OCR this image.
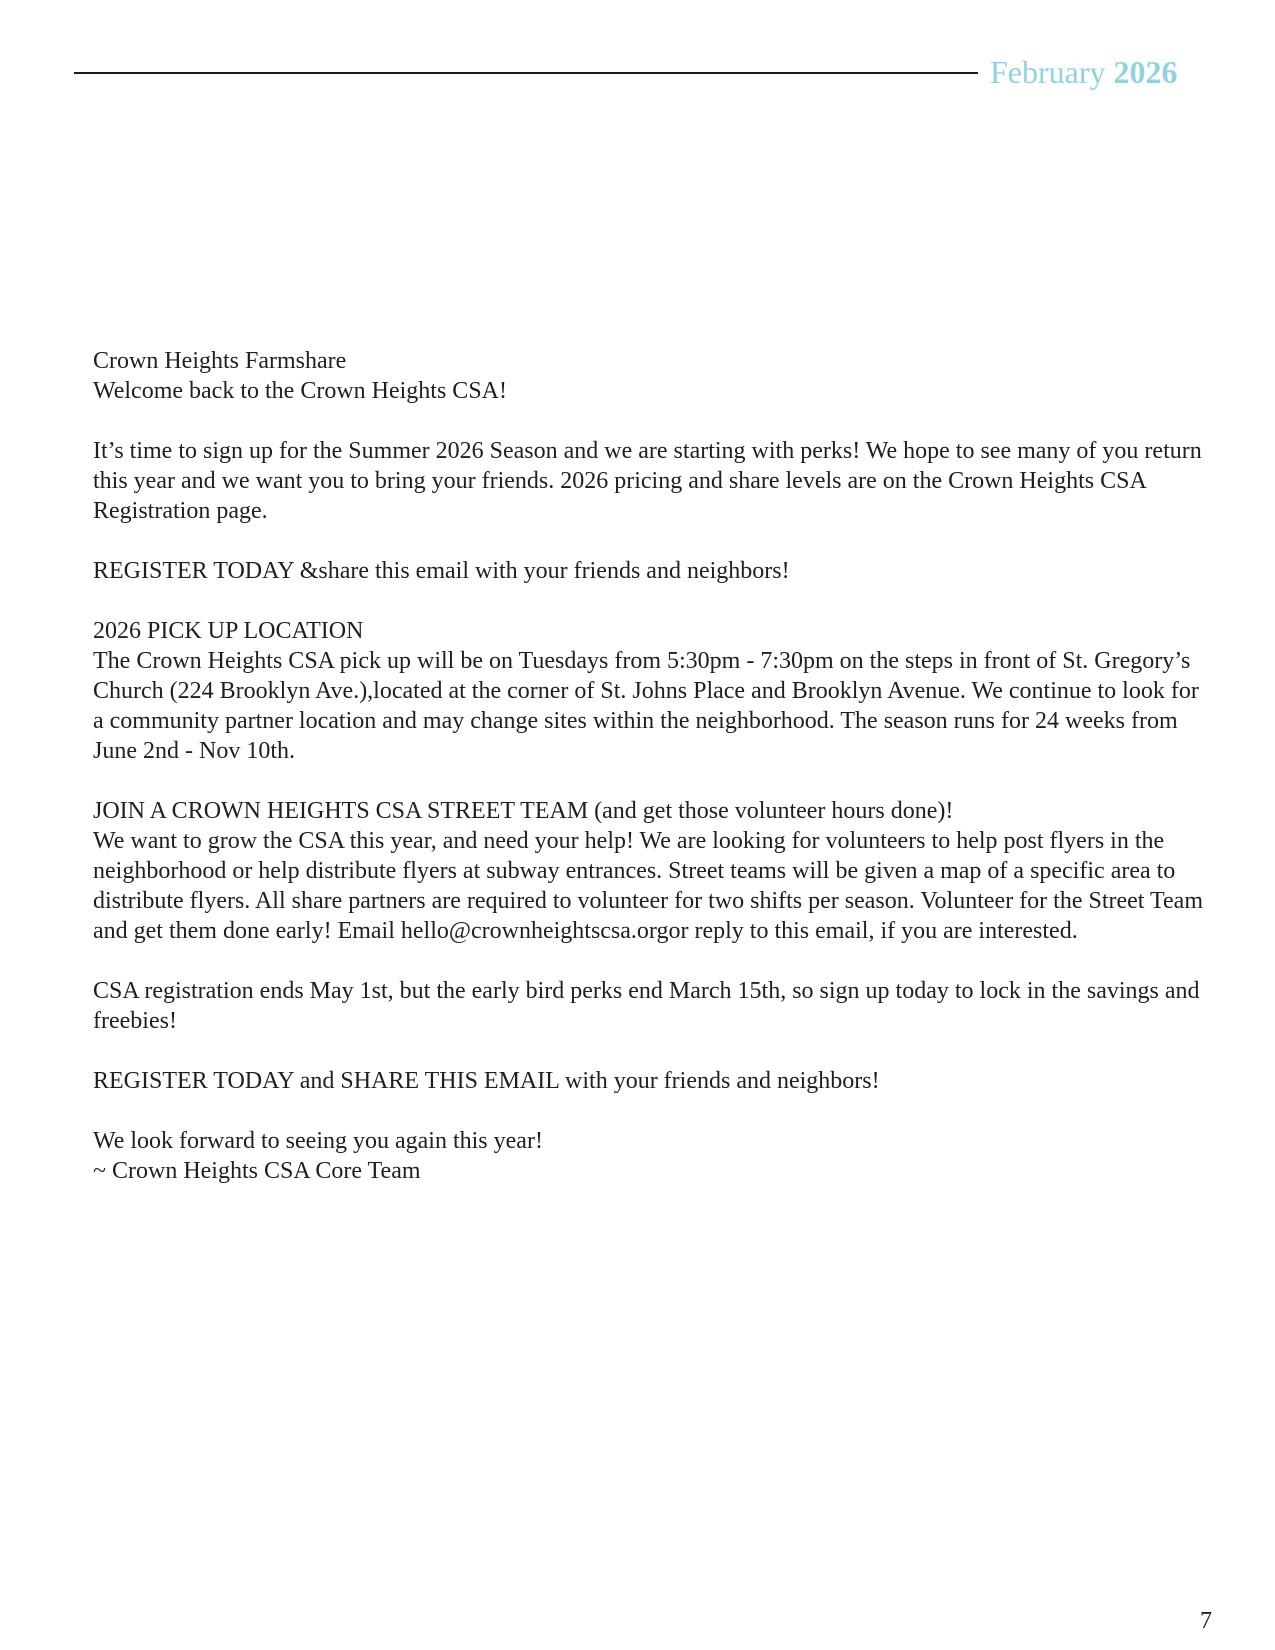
February 2026

Crown Heights Farmshare

Welcome back to the Crown Heights CSA!

It’s time to sign up for the Summer 2026 Season and we are starting with perks! We hope to see many of you return this year and we want you to bring your friends. 2026 pricing and share levels are on the Crown Heights CSA Registration page.

REGISTER TODAY &share this email with your friends and neighbors!

2026 PICK UP LOCATION

The Crown Heights CSA pick up will be on Tuesdays from 5:30pm - 7:30pm on the steps in front of St. Gregory’s Church (224 Brooklyn Ave.),located at the corner of St. Johns Place and Brooklyn Avenue. We continue to look for a community partner location and may change sites within the neighborhood. The season runs for 24 weeks from June 2nd - Nov 10th.

JOIN A CROWN HEIGHTS CSA STREET TEAM (and get those volunteer hours done)!

We want to grow the CSA this year, and need your help! We are looking for volunteers to help post flyers in the neighborhood or help distribute flyers at subway entrances. Street teams will be given a map of a specific area to distribute flyers. All share partners are required to volunteer for two shifts per season. Volunteer for the Street Team and get them done early! Email hello@crownheightscsa.orgor reply to this email, if you are interested.

CSA registration ends May 1st, but the early bird perks end March 15th, so sign up today to lock in the savings and freebies!

REGISTER TODAY and SHARE THIS EMAIL with your friends and neighbors!

We look forward to seeing you again this year!

~ Crown Heights CSA Core Team

7
